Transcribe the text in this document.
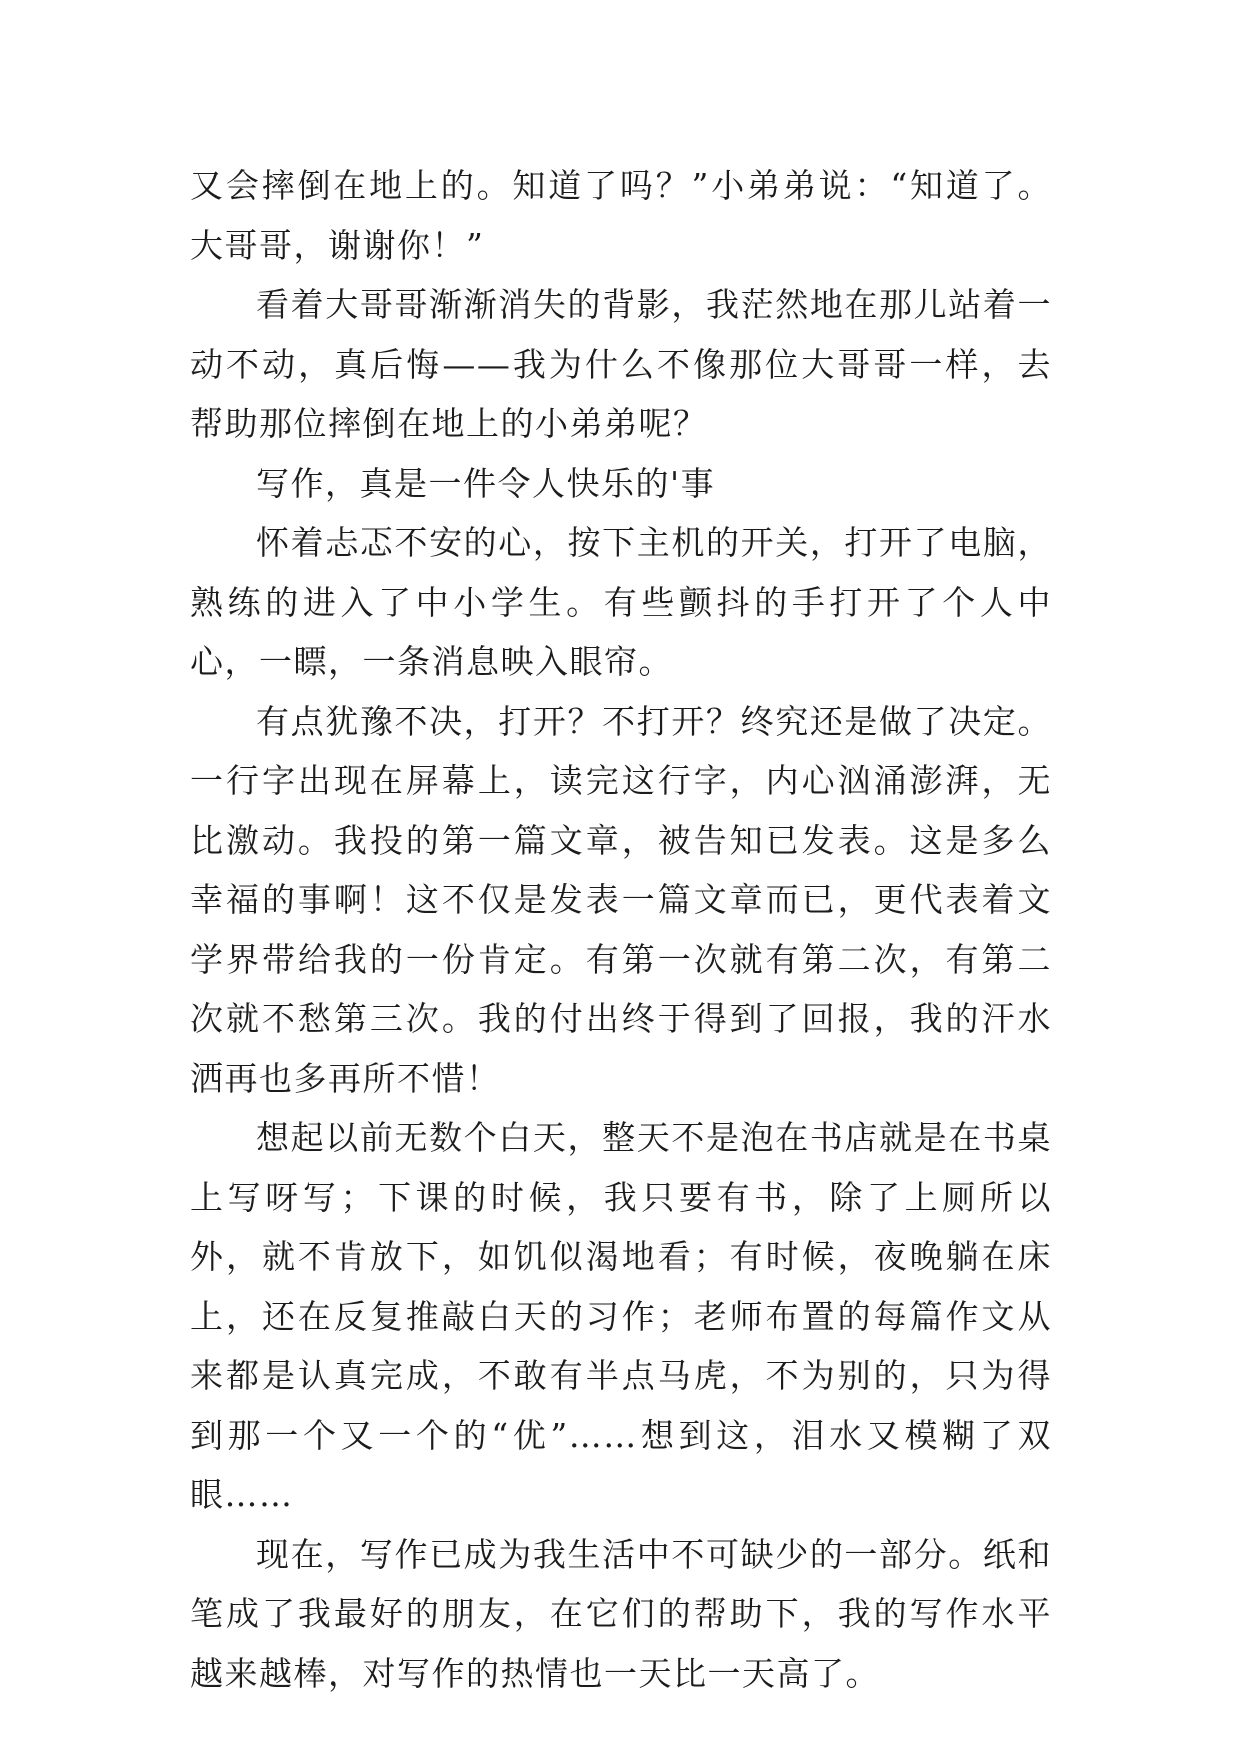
又会摔倒在地上的。知道了吗？”小弟弟说：“知道了。大哥哥，谢谢你！”

看着大哥哥渐渐消失的背影，我茫然地在那儿站着一动不动，真后悔——我为什么不像那位大哥哥一样，去帮助那位摔倒在地上的小弟弟呢？

写作，真是一件令人快乐的'事

怀着忐忑不安的心，按下主机的开关，打开了电脑，熟练的进入了中小学生。有些颤抖的手打开了个人中心，一瞟，一条消息映入眼帘。

有点犹豫不决，打开？不打开？终究还是做了决定。一行字出现在屏幕上，读完这行字，内心汹涌澎湃，无比激动。我投的第一篇文章，被告知已发表。这是多么幸福的事啊！这不仅是发表一篇文章而已，更代表着文学界带给我的一份肯定。有第一次就有第二次，有第二次就不愁第三次。我的付出终于得到了回报，我的汗水洒再也多再所不惜！

想起以前无数个白天，整天不是泡在书店就是在书桌上写呀写；下课的时候，我只要有书，除了上厕所以外，就不肯放下，如饥似渴地看；有时候，夜晚躺在床上，还在反复推敲白天的习作；老师布置的每篇作文从来都是认真完成，不敢有半点马虎，不为别的，只为得到那一个又一个的“优”……想到这，泪水又模糊了双眼……

现在，写作已成为我生活中不可缺少的一部分。纸和笔成了我最好的朋友，在它们的帮助下，我的写作水平越来越棒，对写作的热情也一天比一天高了。
